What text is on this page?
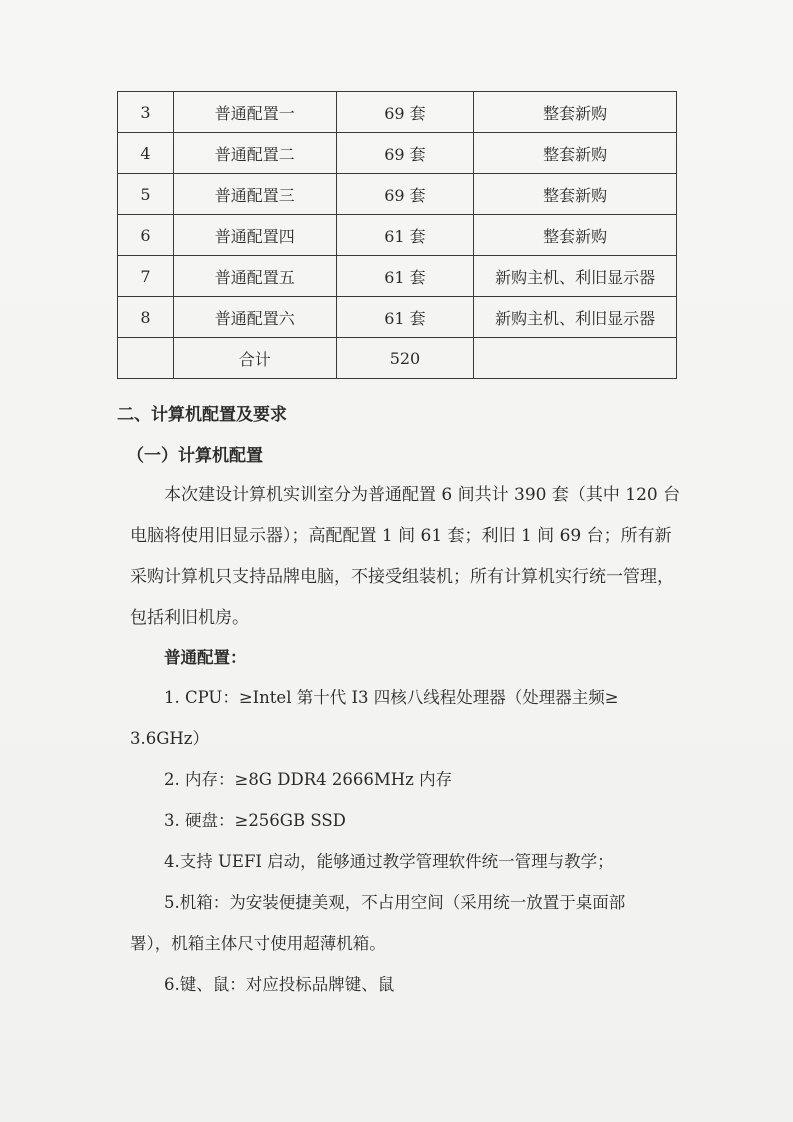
3	普通配置一	69 套	整套新购
4	普通配置二	69 套	整套新购
5	普通配置三	69 套	整套新购
6	普通配置四	61 套	整套新购
7	普通配置五	61 套	新购主机、利旧显示器
8	普通配置六	61 套	新购主机、利旧显示器
	合计	520	
二、计算机配置及要求
（一）计算机配置

本次建设计算机实训室分为普通配置 6 间共计 390 套（其中 120 台电脑将使用旧显示器）；高配配置 1 间 61 套；利旧 1 间 69 台；所有新采购计算机只支持品牌电脑，不接受组装机；所有计算机实行统一管理，包括利旧机房。

普通配置：
1. CPU：≥Intel 第十代 I3 四核八线程处理器（处理器主频≥
3.6GHz）
2. 内存：≥8G DDR4 2666MHz 内存
3. 硬盘：≥256GB SSD
4.支持 UEFI 启动，能够通过教学管理软件统一管理与教学；
5.机箱：为安装便捷美观，不占用空间（采用统一放置于桌面部
署），机箱主体尺寸使用超薄机箱。
6.键、鼠：对应投标品牌键、鼠
